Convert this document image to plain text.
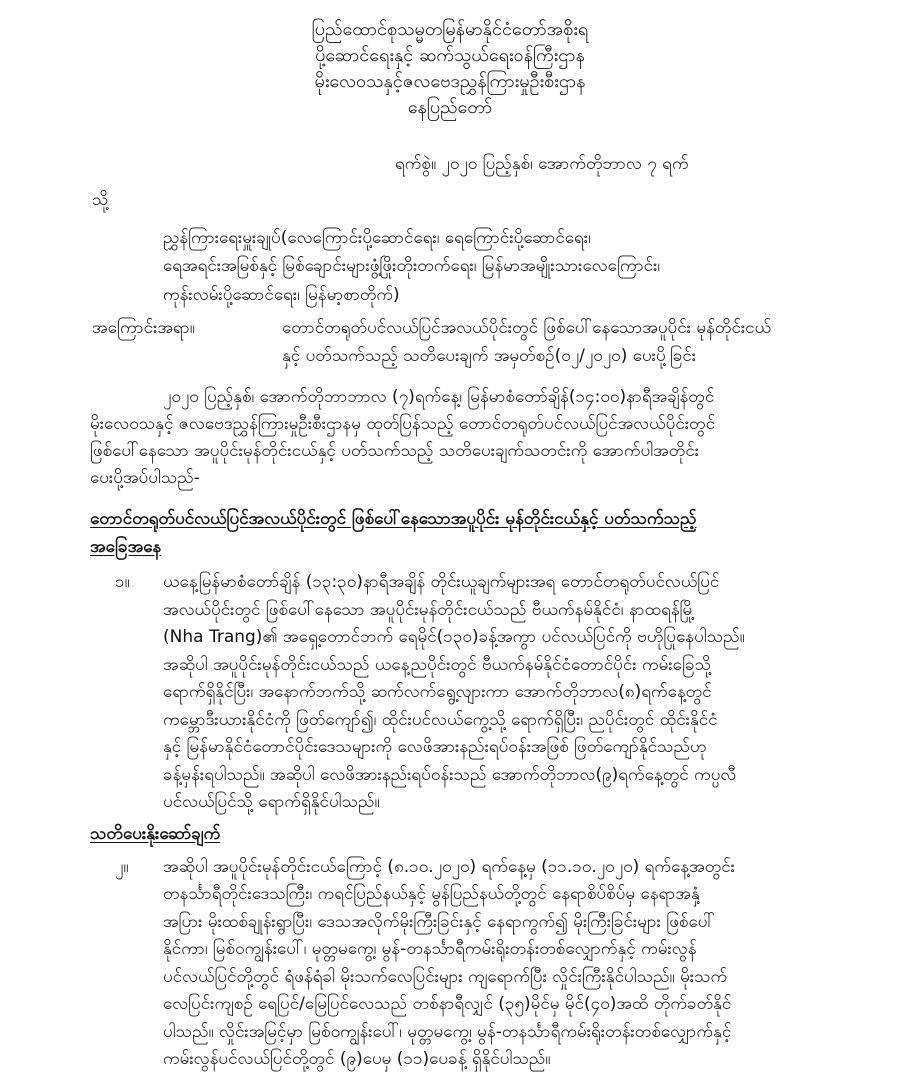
ပြည်ထောင်စုသမ္မတမြန်မာနိုင်ငံတော်အစိုးရ
ပို့ဆောင်ရေးနှင့် ဆက်သွယ်ရေးဝန်ကြီးဌာန
မိုးလေဝသနှင့်ဇလဗေဒညွှန်ကြားမှုဦးစီးဌာန
နေပြည်တော်
ရက်စွဲ။ ၂၀၂၀ ပြည့်နှစ်၊ အောက်တိုဘာလ ၇ ရက်
သို့
ညွှန်ကြားရေးမှူးချုပ်(လေကြောင်းပို့ဆောင်ရေး၊ ရေကြောင်းပို့ဆောင်ရေး၊
ရေအရင်းအမြစ်နှင့် မြစ်ချောင်းများဖွံ့ဖြိုးတိုးတက်ရေး၊ မြန်မာအမျိုးသားလေကြောင်း၊
ကုန်းလမ်းပို့ဆောင်ရေး၊ မြန်မာ့စာတိုက်)
အကြောင်းအရာ။	တောင်တရုတ်ပင်လယ်ပြင်အလယ်ပိုင်းတွင် ဖြစ်ပေါ်နေသောအပူပိုင်း မုန်တိုင်းငယ်
နှင့် ပတ်သက်သည့် သတိပေးချက် အမှတ်စဉ်(၀၂/၂၀၂၀) ပေးပို့ခြင်း
၂၀၂၀ ပြည့်နှစ်၊ အောက်တိုဘာဘာလ (၇)ရက်နေ့၊ မြန်မာစံတော်ချိန်(၁၄:၀၀)နာရီအချိန်တွင်
မိုးလေဝသနှင့် ဇလဗေဒညွှန်ကြားမှုဦးစီးဌာနမှ ထုတ်ပြန်သည့် တောင်တရုတ်ပင်လယ်ပြင်အလယ်ပိုင်းတွင်
ဖြစ်ပေါ်နေသော အပူပိုင်းမုန်တိုင်းငယ်နှင့် ပတ်သက်သည့် သတိပေးချက်သတင်းကို အောက်ပါအတိုင်း
ပေးပို့အပ်ပါသည်-
တောင်တရုတ်ပင်လယ်ပြင်အလယ်ပိုင်းတွင် ဖြစ်ပေါ်နေသောအပူပိုင်း မုန်တိုင်းငယ်နှင့် ပတ်သက်သည့်
အခြေအနေ
၁။ ယနေ့မြန်မာစံတော်ချိန် (၁၃:၃၀)နာရီအချိန် တိုင်းယူချက်များအရ တောင်တရုတ်ပင်လယ်ပြင်
အလယ်ပိုင်းတွင် ဖြစ်ပေါ်နေသော အပူပိုင်းမုန်တိုင်းငယ်သည် ဗီယက်နမ်နိုင်ငံ၊ နာထရန်မြို့
(Nha Trang)၏ အရှေ့တောင်ဘက် ရေမိုင်(၁၃၀)ခန့်အကွာ ပင်လယ်ပြင်ကို ဗဟိုပြုနေပါသည်။
အဆိုပါ အပူပိုင်းမုန်တိုင်းငယ်သည် ယနေ့ညပိုင်းတွင် ဗီယက်နမ်နိုင်ငံတောင်ပိုင်း ကမ်းခြေသို့
ရောက်ရှိနိုင်ပြီး၊ အနောက်ဘက်သို့ ဆက်လက်ရွေ့လျားကာ အောက်တိုဘာလ(၈)ရက်နေ့တွင်
ကမ္ဘောဒီးယားနိုင်ငံကို ဖြတ်ကျော်၍၊ ထိုင်းပင်လယ်ကွေ့သို့ ရောက်ရှိပြီး၊ ညပိုင်းတွင် ထိုင်းနိုင်ငံ
နှင့် မြန်မာနိုင်ငံတောင်ပိုင်းဒေသများကို လေဖိအားနည်းရပ်ဝန်းအဖြစ် ဖြတ်ကျော်နိုင်သည်ဟု
ခန့်မှန်းရပါသည်။ အဆိုပါ လေဖိအားနည်းရပ်ဝန်းသည် အောက်တိုဘာလ(၉)ရက်နေ့တွင် ကပ္ပလီ
ပင်လယ်ပြင်သို့ ရောက်ရှိနိုင်ပါသည်။
သတိပေးနိုးဆော်ချက်
၂။ အဆိုပါ အပူပိုင်းမုန်တိုင်းငယ်ကြောင့် (၈.၁၀.၂၀၂၀) ရက်နေ့မှ (၁၁.၁၀.၂၀၂၀) ရက်နေ့အတွင်း
တနင်္သာရီတိုင်းဒေသကြီး၊ ကရင်ပြည်နယ်နှင့် မွန်ပြည်နယ်တို့တွင် နေရာစိပ်စိပ်မှ နေရာအနှံ့
အပြား မိုးထစ်ချုန်းရွာပြီး၊ ဒေသအလိုက်မိုးကြီးခြင်းနှင့် နေရာကွက်၍ မိုးကြီးခြင်းများ ဖြစ်ပေါ်
နိုင်ကာ၊ မြစ်ဝကျွန်းပေါ်၊ မုတ္တမကွေ့၊ မွန်-တနင်္သာရီကမ်းရိုးတန်းတစ်လျှောက်နှင့် ကမ်းလွန်
ပင်လယ်ပြင်တို့တွင် ရံဖန်ရံခါ မိုးသက်လေပြင်းများ ကျရောက်ပြီး လှိုင်းကြီးနိုင်ပါသည်။ မိုးသက်
လေပြင်းကျစဉ် ရေပြင်/မြေပြင်လေသည် တစ်နာရီလျှင် (၃၅)မိုင်မှ မိုင်(၄၀)အထိ တိုက်ခတ်နိုင်
ပါသည်။ လှိုင်းအမြင့်မှာ မြစ်ဝကျွန်းပေါ်၊ မုတ္တမကွေ့၊ မွန်-တနင်္သာရီကမ်းရိုးတန်းတစ်လျှောက်နှင့်
ကမ်းလွန်ပင်လယ်ပြင်တို့တွင် (၉)ပေမှ (၁၁)ပေခန့် ရှိနိုင်ပါသည်။
